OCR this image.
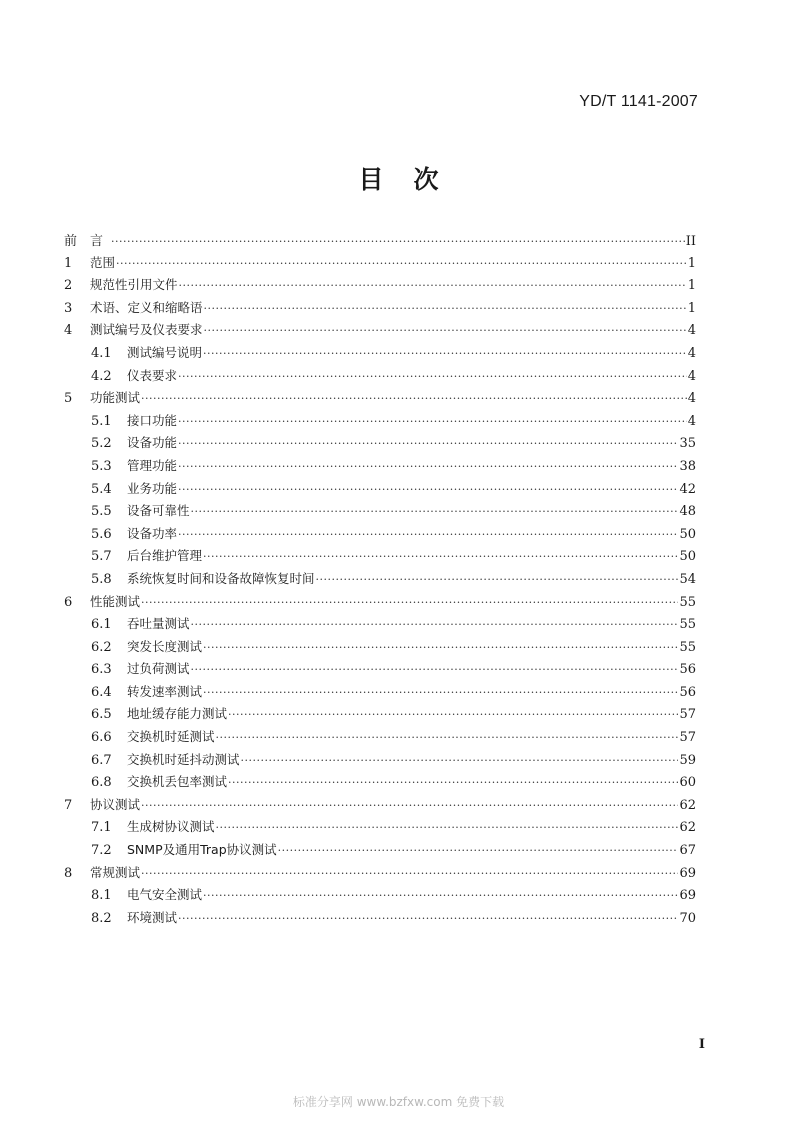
YD/T 1141-2007
目次
前　言 ·····	II
1	范围 ·····	1
2	规范性引用文件 ·····	1
3	术语、定义和缩略语 ·····	1
4	测试编号及仪表要求 ·····	4
4.1	测试编号说明 ·····	4
4.2	仪表要求 ·····	4
5	功能测试 ·····	4
5.1	接口功能 ·····	4
5.2	设备功能 ·····	35
5.3	管理功能 ·····	38
5.4	业务功能 ·····	42
5.5	设备可靠性 ·····	48
5.6	设备功率 ·····	50
5.7	后台维护管理 ·····	50
5.8	系统恢复时间和设备故障恢复时间 ·····	54
6	性能测试 ·····	55
6.1	吞吐量测试 ·····	55
6.2	突发长度测试 ·····	55
6.3	过负荷测试 ·····	56
6.4	转发速率测试 ·····	56
6.5	地址缓存能力测试 ·····	57
6.6	交换机时延测试 ·····	57
6.7	交换机时延抖动测试 ·····	59
6.8	交换机丢包率测试 ·····	60
7	协议测试 ·····	62
7.1	生成树协议测试 ·····	62
7.2	SNMP及通用Trap协议测试 ·····	67
8	常规测试 ·····	69
8.1	电气安全测试 ·····	69
8.2	环境测试 ·····	70
I
标准分享网 www.bzfxw.com 免费下载
